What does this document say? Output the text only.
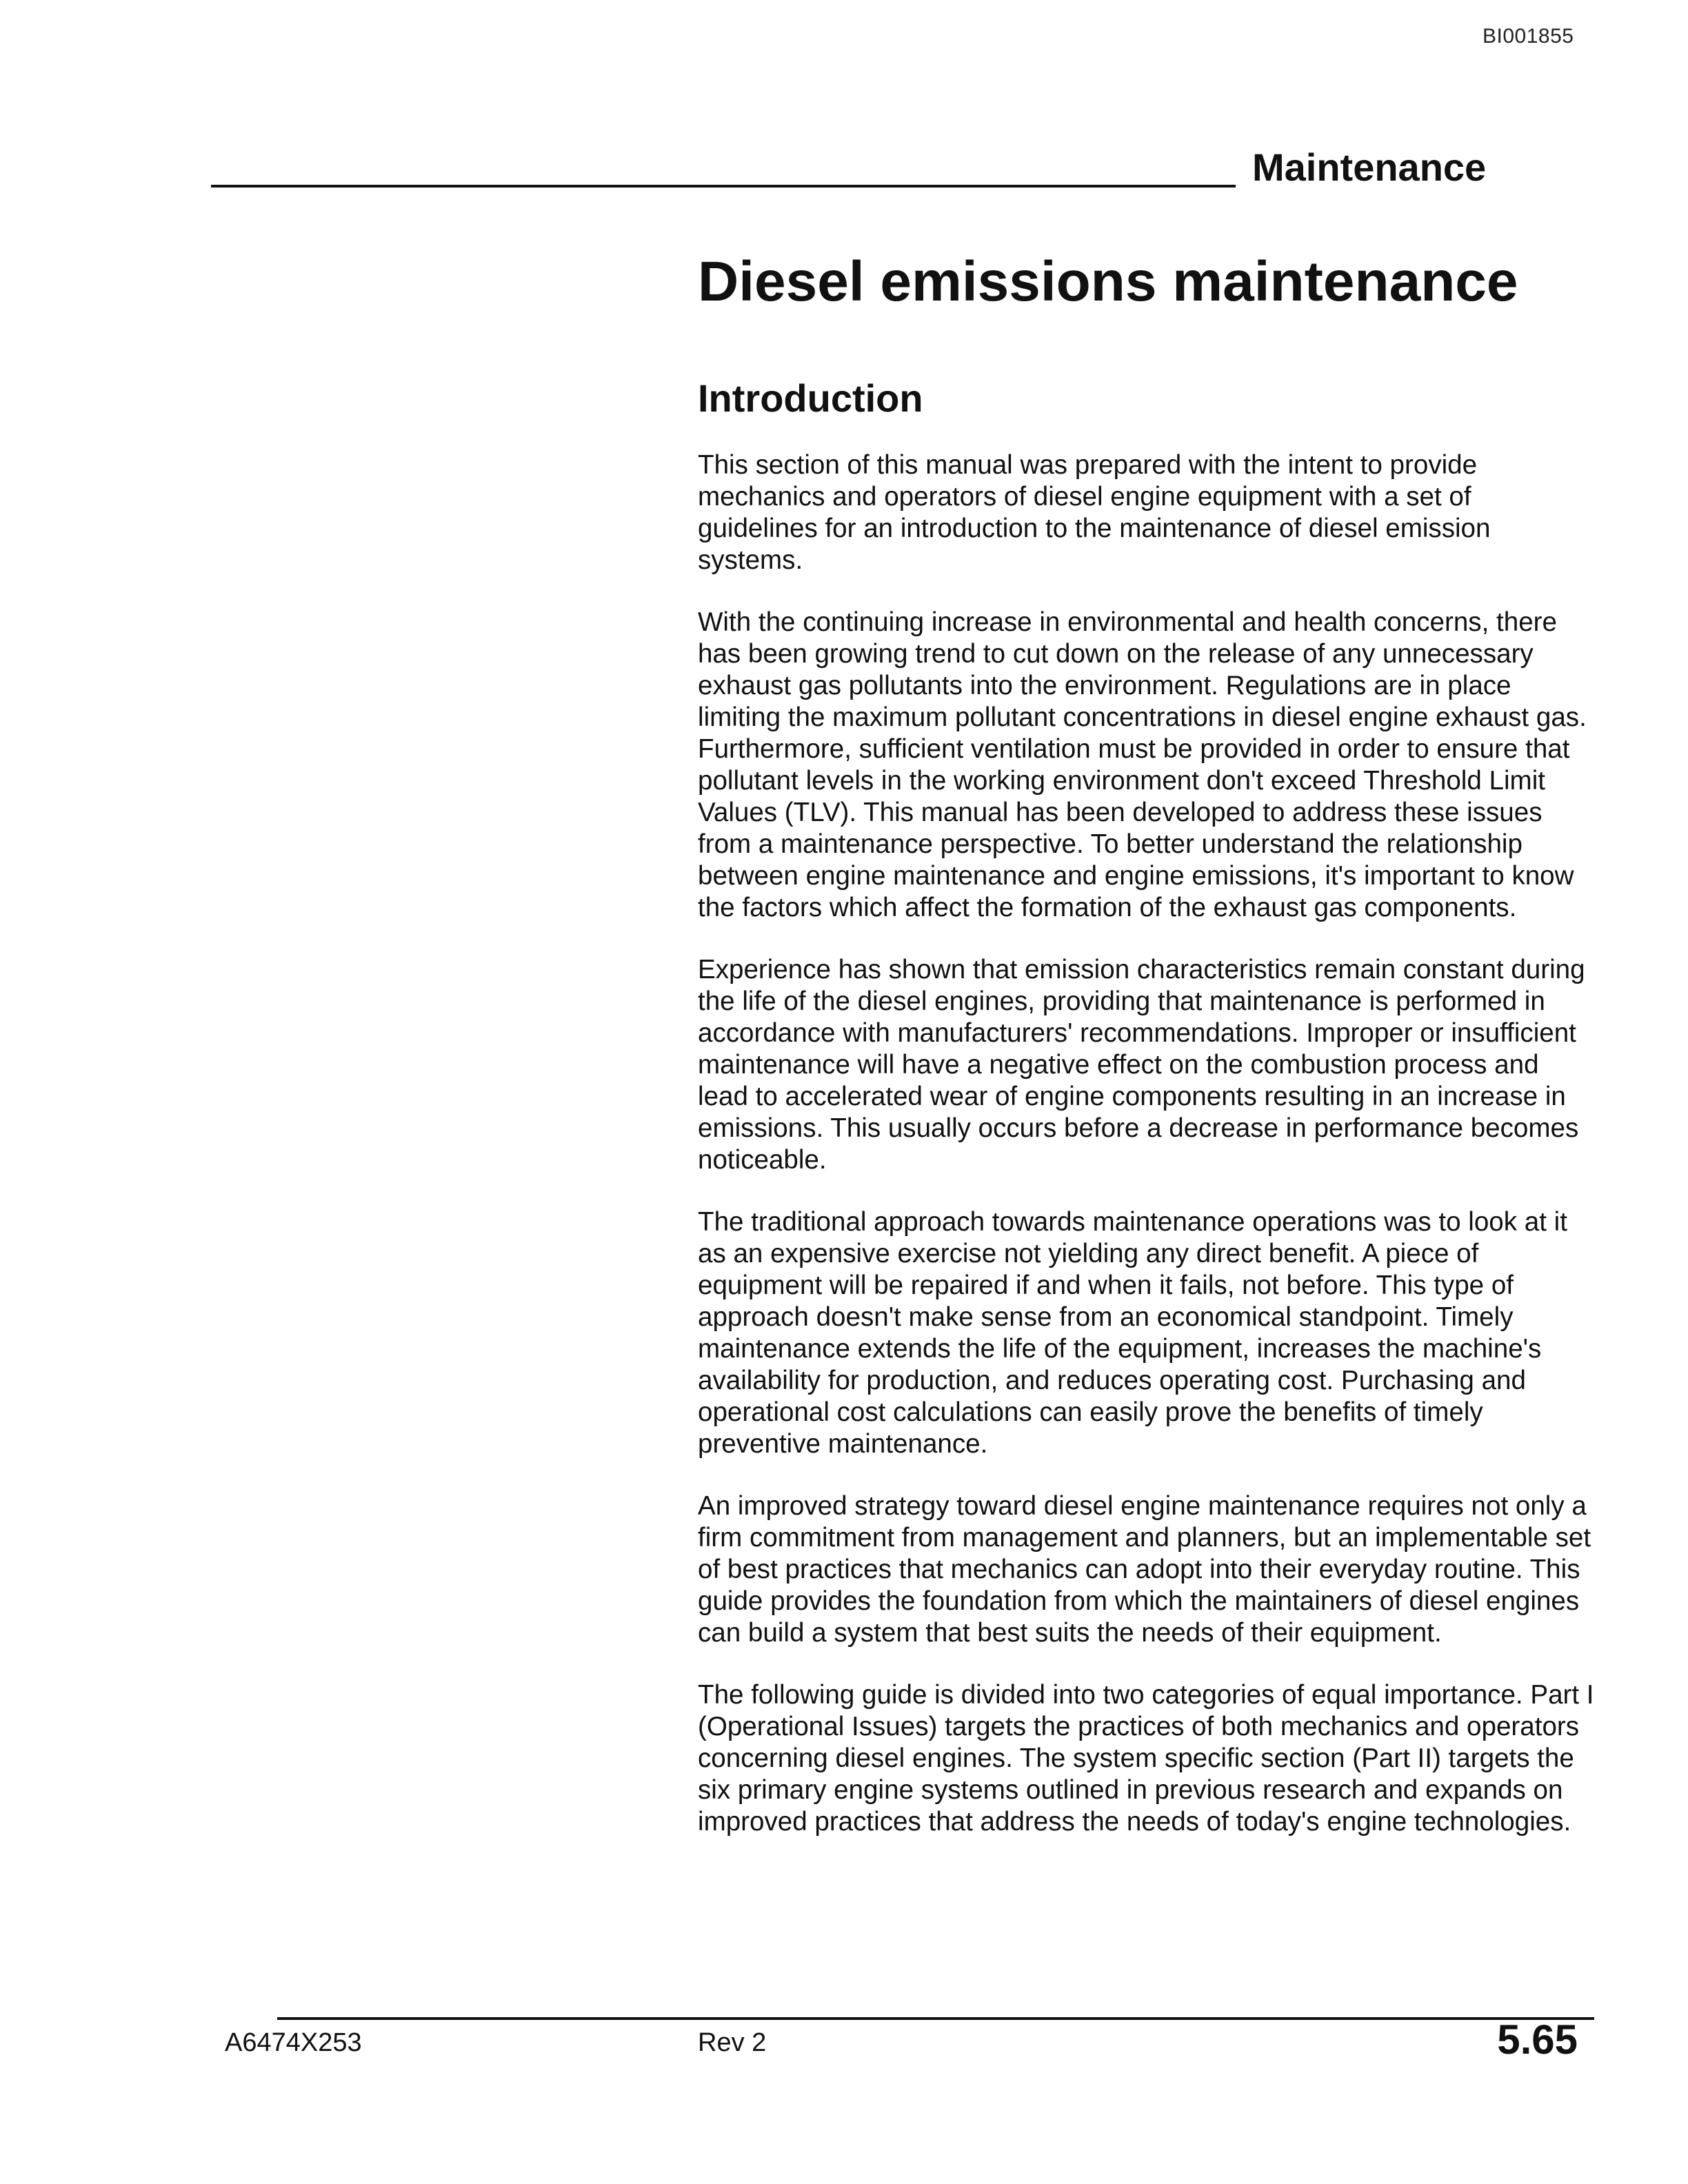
BI001855
Maintenance
Diesel emissions maintenance
Introduction

This section of this manual was prepared with the intent to provide mechanics and operators of diesel engine equipment with a set of guidelines for an introduction to the maintenance of diesel emission systems.

With the continuing increase in environmental and health concerns, there has been growing trend to cut down on the release of any unnecessary exhaust gas pollutants into the environment. Regulations are in place limiting the maximum pollutant concentrations in diesel engine exhaust gas. Furthermore, sufficient ventilation must be provided in order to ensure that pollutant levels in the working environment don't exceed Threshold Limit Values (TLV). This manual has been developed to address these issues from a maintenance perspective. To better understand the relationship between engine maintenance and engine emissions, it's important to know the factors which affect the formation of the exhaust gas components.

Experience has shown that emission characteristics remain constant during the life of the diesel engines, providing that maintenance is performed in accordance with manufacturers' recommendations. Improper or insufficient maintenance will have a negative effect on the combustion process and lead to accelerated wear of engine components resulting in an increase in emissions. This usually occurs before a decrease in performance becomes noticeable.

The traditional approach towards maintenance operations was to look at it as an expensive exercise not yielding any direct benefit. A piece of equipment will be repaired if and when it fails, not before. This type of approach doesn't make sense from an economical standpoint. Timely maintenance extends the life of the equipment, increases the machine's availability for production, and reduces operating cost. Purchasing and operational cost calculations can easily prove the benefits of timely preventive maintenance.

An improved strategy toward diesel engine maintenance requires not only a firm commitment from management and planners, but an implementable set of best practices that mechanics can adopt into their everyday routine. This guide provides the foundation from which the maintainers of diesel engines can build a system that best suits the needs of their equipment.

The following guide is divided into two categories of equal importance. Part I (Operational Issues) targets the practices of both mechanics and operators concerning diesel engines. The system specific section (Part II) targets the six primary engine systems outlined in previous research and expands on improved practices that address the needs of today's engine technologies.

A6474X253	Rev 2	5.65
